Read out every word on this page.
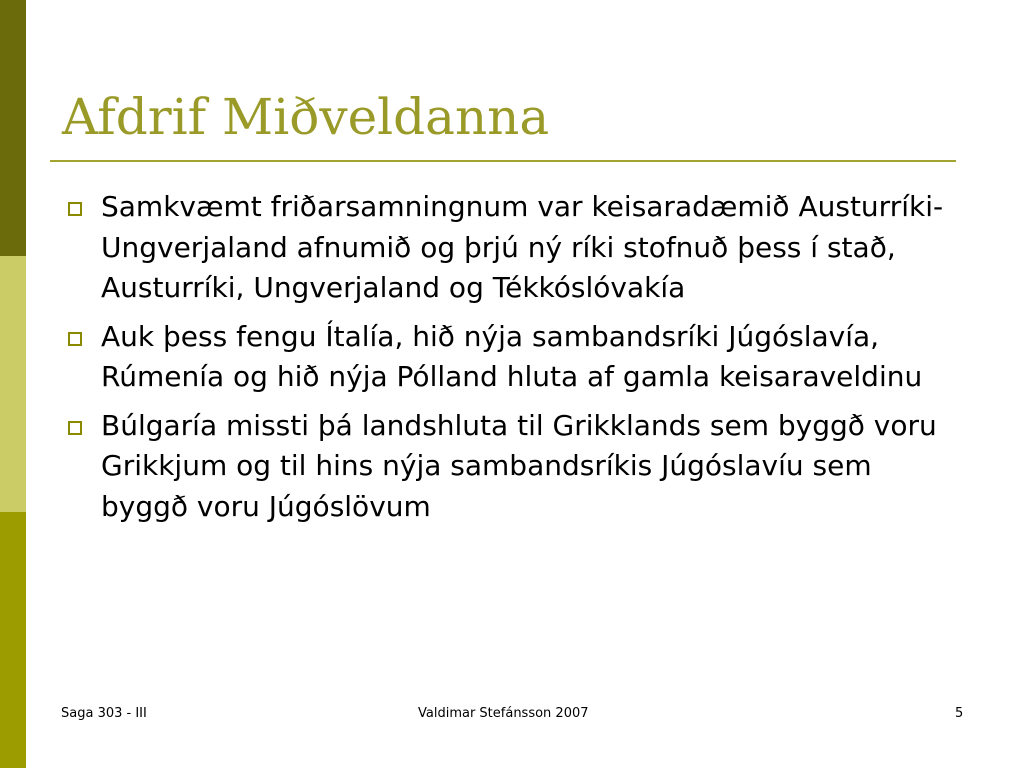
Afdrif Miðveldanna
Samkvæmt friðarsamningnum var keisaradæmið Austurríki-Ungverjaland afnumið og þrjú ný ríki stofnuð þess í stað, Austurríki, Ungverjaland og Tékkóslóvakía
Auk þess fengu Ítalía, hið nýja sambandsríki Júgóslavía, Rúmenía og hið nýja Pólland hluta af gamla keisaraveldinu
Búlgaría missti þá landshluta til Grikklands sem byggð voru Grikkjum og til hins nýja sambandsríkis Júgóslavíu sem byggð voru Júgóslövum
Saga 303 - III	Valdimar Stefánsson 2007	5
